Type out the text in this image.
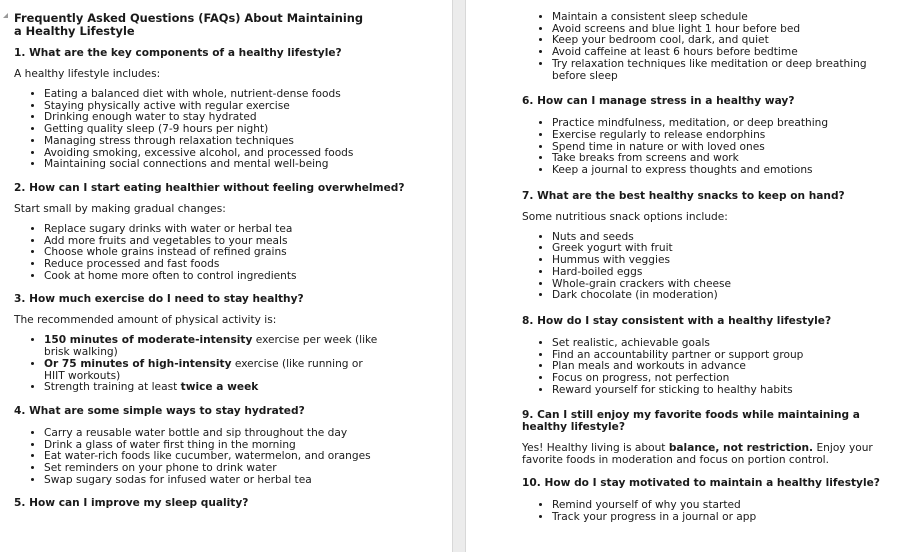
Frequently Asked Questions (FAQs) About Maintaining a Healthy Lifestyle
1. What are the key components of a healthy lifestyle?
A healthy lifestyle includes:
• Eating a balanced diet with whole, nutrient-dense foods
• Staying physically active with regular exercise
• Drinking enough water to stay hydrated
• Getting quality sleep (7-9 hours per night)
• Managing stress through relaxation techniques
• Avoiding smoking, excessive alcohol, and processed foods
• Maintaining social connections and mental well-being
2. How can I start eating healthier without feeling overwhelmed?
Start small by making gradual changes:
• Replace sugary drinks with water or herbal tea
• Add more fruits and vegetables to your meals
• Choose whole grains instead of refined grains
• Reduce processed and fast foods
• Cook at home more often to control ingredients
3. How much exercise do I need to stay healthy?
The recommended amount of physical activity is:
• 150 minutes of moderate-intensity exercise per week (like brisk walking)
• Or 75 minutes of high-intensity exercise (like running or HIIT workouts)
• Strength training at least twice a week
4. What are some simple ways to stay hydrated?
• Carry a reusable water bottle and sip throughout the day
• Drink a glass of water first thing in the morning
• Eat water-rich foods like cucumber, watermelon, and oranges
• Set reminders on your phone to drink water
• Swap sugary sodas for infused water or herbal tea
5. How can I improve my sleep quality?
• Maintain a consistent sleep schedule
• Avoid screens and blue light 1 hour before bed
• Keep your bedroom cool, dark, and quiet
• Avoid caffeine at least 6 hours before bedtime
• Try relaxation techniques like meditation or deep breathing before sleep
6. How can I manage stress in a healthy way?
• Practice mindfulness, meditation, or deep breathing
• Exercise regularly to release endorphins
• Spend time in nature or with loved ones
• Take breaks from screens and work
• Keep a journal to express thoughts and emotions
7. What are the best healthy snacks to keep on hand?
Some nutritious snack options include:
• Nuts and seeds
• Greek yogurt with fruit
• Hummus with veggies
• Hard-boiled eggs
• Whole-grain crackers with cheese
• Dark chocolate (in moderation)
8. How do I stay consistent with a healthy lifestyle?
• Set realistic, achievable goals
• Find an accountability partner or support group
• Plan meals and workouts in advance
• Focus on progress, not perfection
• Reward yourself for sticking to healthy habits
9. Can I still enjoy my favorite foods while maintaining a healthy lifestyle?
Yes! Healthy living is about balance, not restriction. Enjoy your favorite foods in moderation and focus on portion control.
10. How do I stay motivated to maintain a healthy lifestyle?
• Remind yourself of why you started
• Track your progress in a journal or app
